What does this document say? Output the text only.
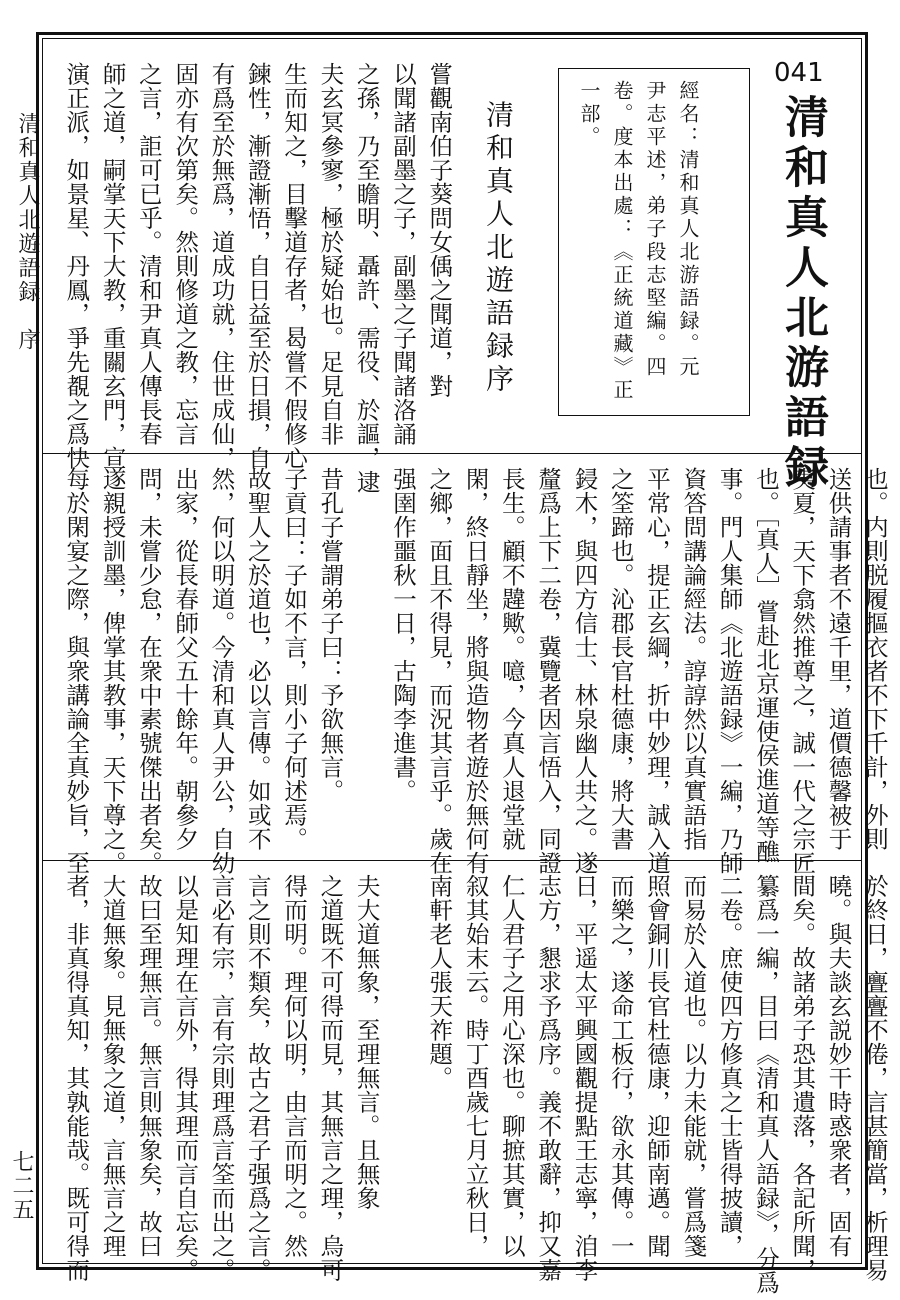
清和真人北遊語録　序
七二五
041
清和真人北游語録
經名：清和真人北游語録。元
尹志平述，弟子段志堅編。四
卷。度本出處：《正統道藏》正
一部。
清和真人北遊語録序
嘗觀南伯子葵問女偊之聞道，對
以聞諸副墨之子，副墨之子聞諸洛誦
之孫，乃至瞻明、聶許、需役、於謳，逮
夫玄冥參寥，極於疑始也。足見自非
生而知之，目擊道存者，曷嘗不假修心
鍊性，漸證漸悟，自日益至於日損，自
有爲至於無爲，道成功就，住世成仙，
固亦有次第矣。然則修道之教，忘言
之言，詎可已乎。清和尹真人傳長春
師之道，嗣掌天下大教，重關玄門，宣
演正派，如景星、丹鳳，爭先覩之爲快
也。内則脱履摳衣者不下千計，外則
送供請事者不遠千里，道價德馨被于
夷夏，天下翕然推尊之，誠一代之宗匠
也。［真人］嘗赴北京運使侯進道等醮
事。門人集師《北遊語録》一編，乃師
資答問講論經法。諄諄然以真實語指
平常心，提正玄綱，折中妙理，誠入道
之筌蹄也。沁郡長官杜德康，將大書
鋟木，與四方信士、林泉幽人共之。遂
釐爲上下二卷，冀覽者因言悟入，同證
長生。顧不韙歟。噫，今真人退堂就
閑，終日靜坐，將與造物者遊於無何有
之鄉，面且不得見，而況其言乎。歲在
强圉作噩秋一日，古陶李進書。

昔孔子嘗謂弟子曰：予欲無言。
子貢曰：子如不言，則小子何述焉。
故聖人之於道也，必以言傳。如或不
然，何以明道。今清和真人尹公，自幼
出家，從長春師父五十餘年。朝參夕
問，未嘗少怠，在衆中素號傑出者矣。
遂親授訓墨，俾掌其教事，天下尊之。
每於閑宴之際，與衆講論全真妙旨，至
於終日，亹亹不倦，言甚簡當，析理易
曉。與夫談玄説妙干時惑衆者，固有
間矣。故諸弟子恐其遺落，各記所聞，
纂爲一編，目曰《清和真人語録》，分爲
二卷。庶使四方修真之士皆得披讀，
而易於入道也。以力未能就，嘗爲箋
照會銅川長官杜德康，迎師南邁。聞
而樂之，遂命工板行，欲永其傳。一
日，平遥太平興國觀提點王志寧，洎李
志方，懇求予爲序。義不敢辭，抑又嘉
仁人君子之用心深也。聊摭其實，以
叙其始末云。時丁酉歲七月立秋日，
南軒老人張天祚題。

夫大道無象，至理無言。且無象
之道既不可得而見，其無言之理，烏可
得而明。理何以明，由言而明之。然
言之則不類矣，故古之君子强爲之言。
言必有宗，言有宗則理爲言筌而出之。
以是知理在言外，得其理而言自忘矣。
故曰至理無言。無言則無象矣，故曰
大道無象。見無象之道，言無言之理
者，非真得真知，其孰能哉。既可得而
